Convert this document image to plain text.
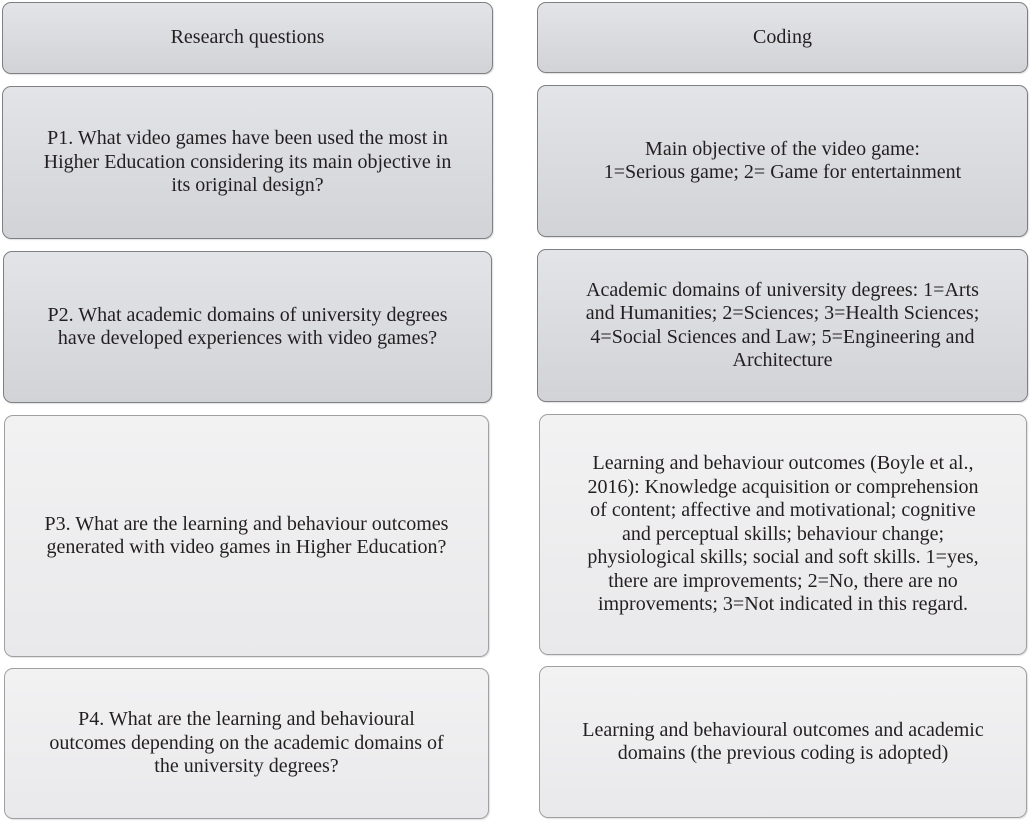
Research questions	Coding
P1. What video games have been used the most in
Higher Education considering its main objective in
its original design?
Main objective of the video game:
1=Serious game; 2= Game for entertainment
P2. What academic domains of university degrees
have developed experiences with video games?
Academic domains of university degrees: 1=Arts
and Humanities; 2=Sciences; 3=Health Sciences;
4=Social Sciences and Law; 5=Engineering and
Architecture
P3. What are the learning and behaviour outcomes
generated with video games in Higher Education?
Learning and behaviour outcomes (Boyle et al.,
2016): Knowledge acquisition or comprehension
of content; affective and motivational; cognitive
and perceptual skills; behaviour change;
physiological skills; social and soft skills. 1=yes,
there are improvements; 2=No, there are no
improvements; 3=Not indicated in this regard.
P4. What are the learning and behavioural
outcomes depending on the academic domains of
the university degrees?
Learning and behavioural outcomes and academic
domains (the previous coding is adopted)
